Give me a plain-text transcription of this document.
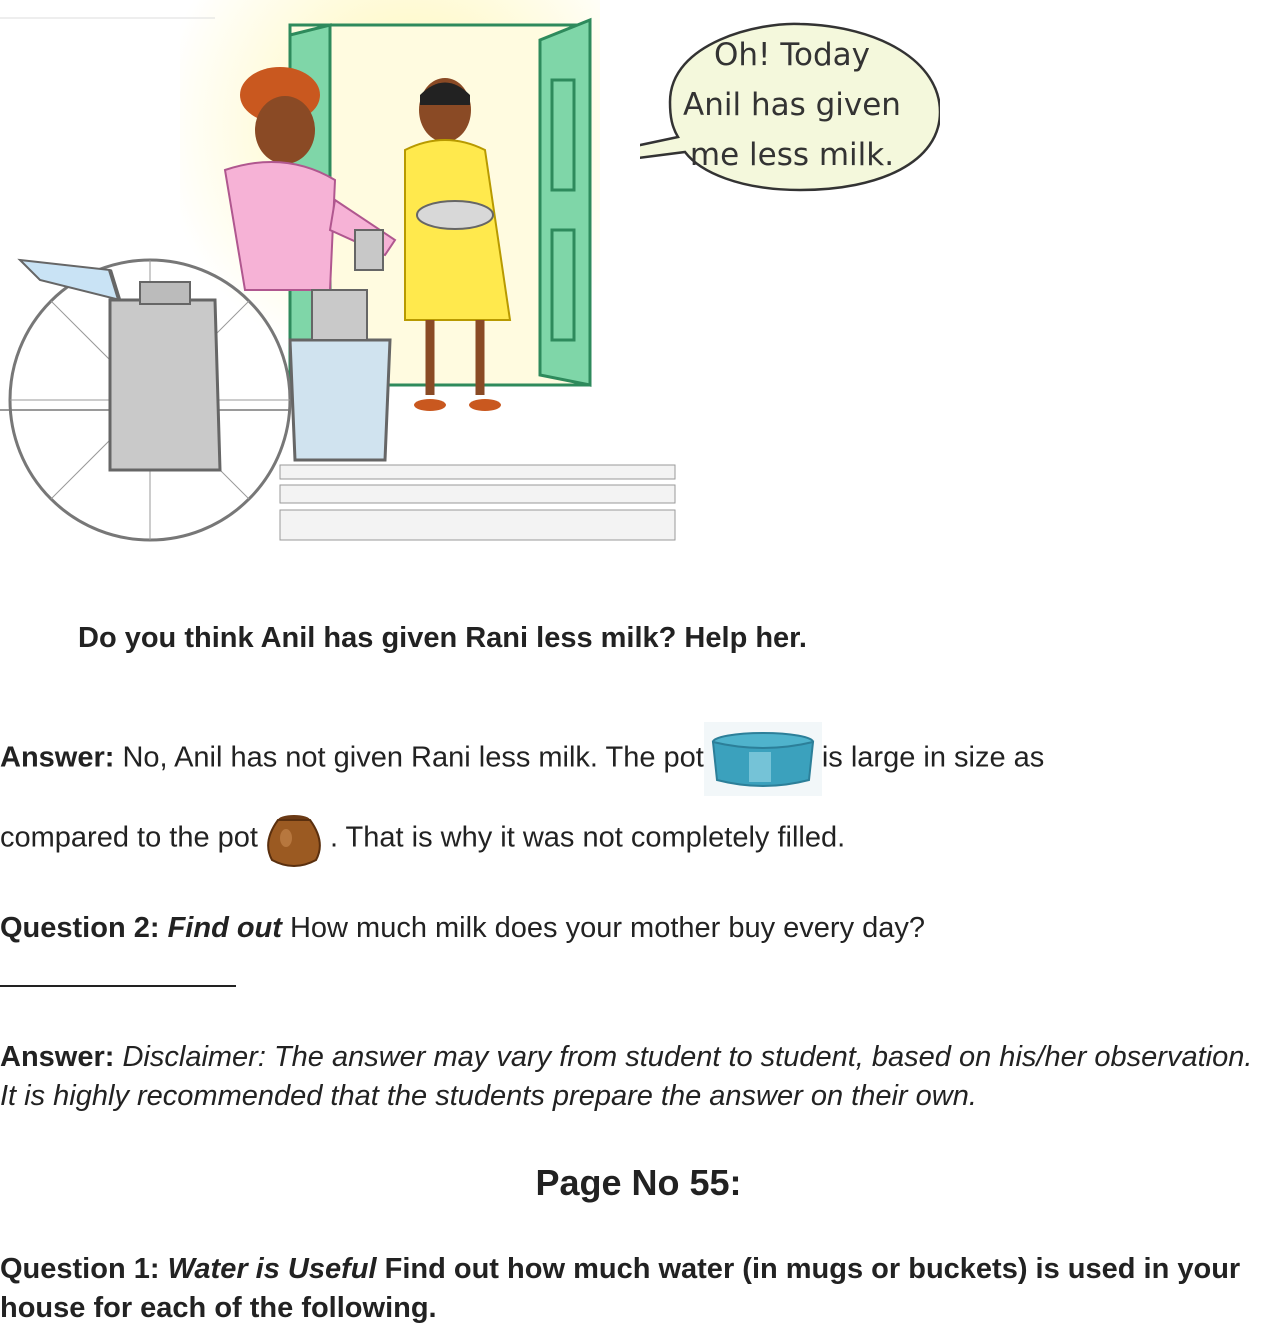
Oh! Today
Anil has given
me less milk.
Do you think Anil has given Rani less milk? Help her.
Answer: No, Anil has not given Rani less milk. The pot	is large in size as
compared to the pot . That is why it was not completely filled.
Question 2: Find out How much milk does your mother buy every day?
Answer: Disclaimer: The answer may vary from student to student, based on his/her observation. It is highly recommended that the students prepare the answer on their own.
Page No 55:
Question 1: Water is Useful Find out how much water (in mugs or buckets) is used in your house for each of the following.
